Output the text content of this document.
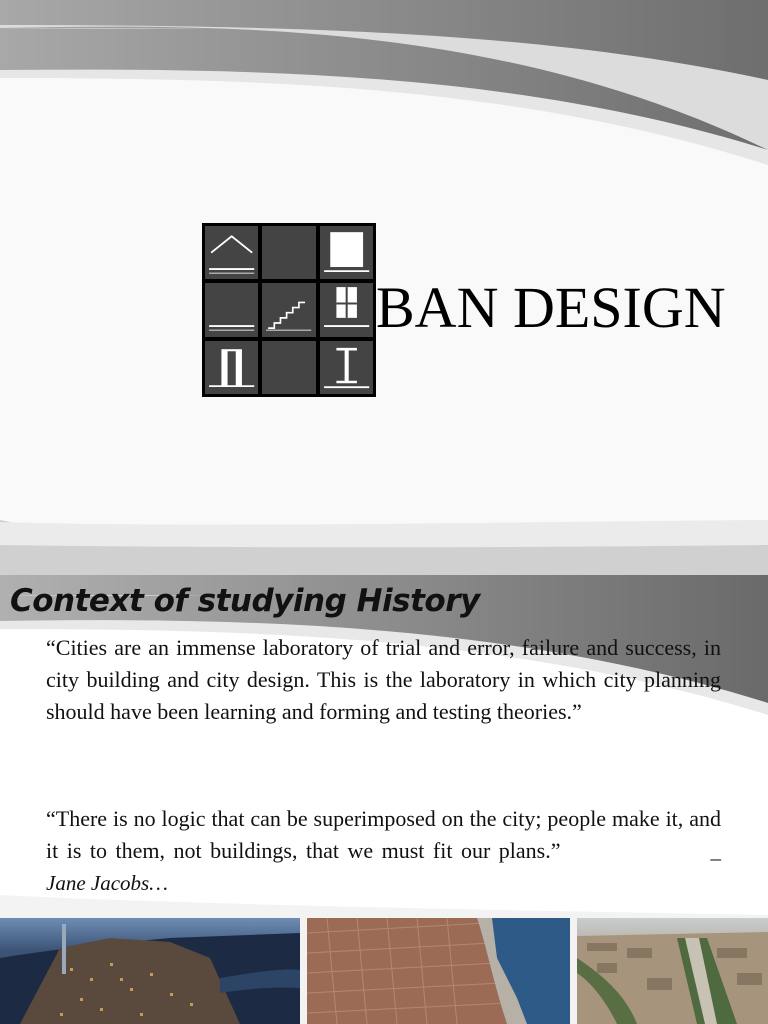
BAN DESIGN
Context of studying History

“Cities are an immense laboratory of trial and error, failure and success, in city building and city design. This is the laboratory in which city planning should have been learning and forming and testing theories.”

“There is no logic that can be superimposed on the city; people make it, and it is to them, not buildings, that we must fit our plans.”	_ Jane Jacobs…
